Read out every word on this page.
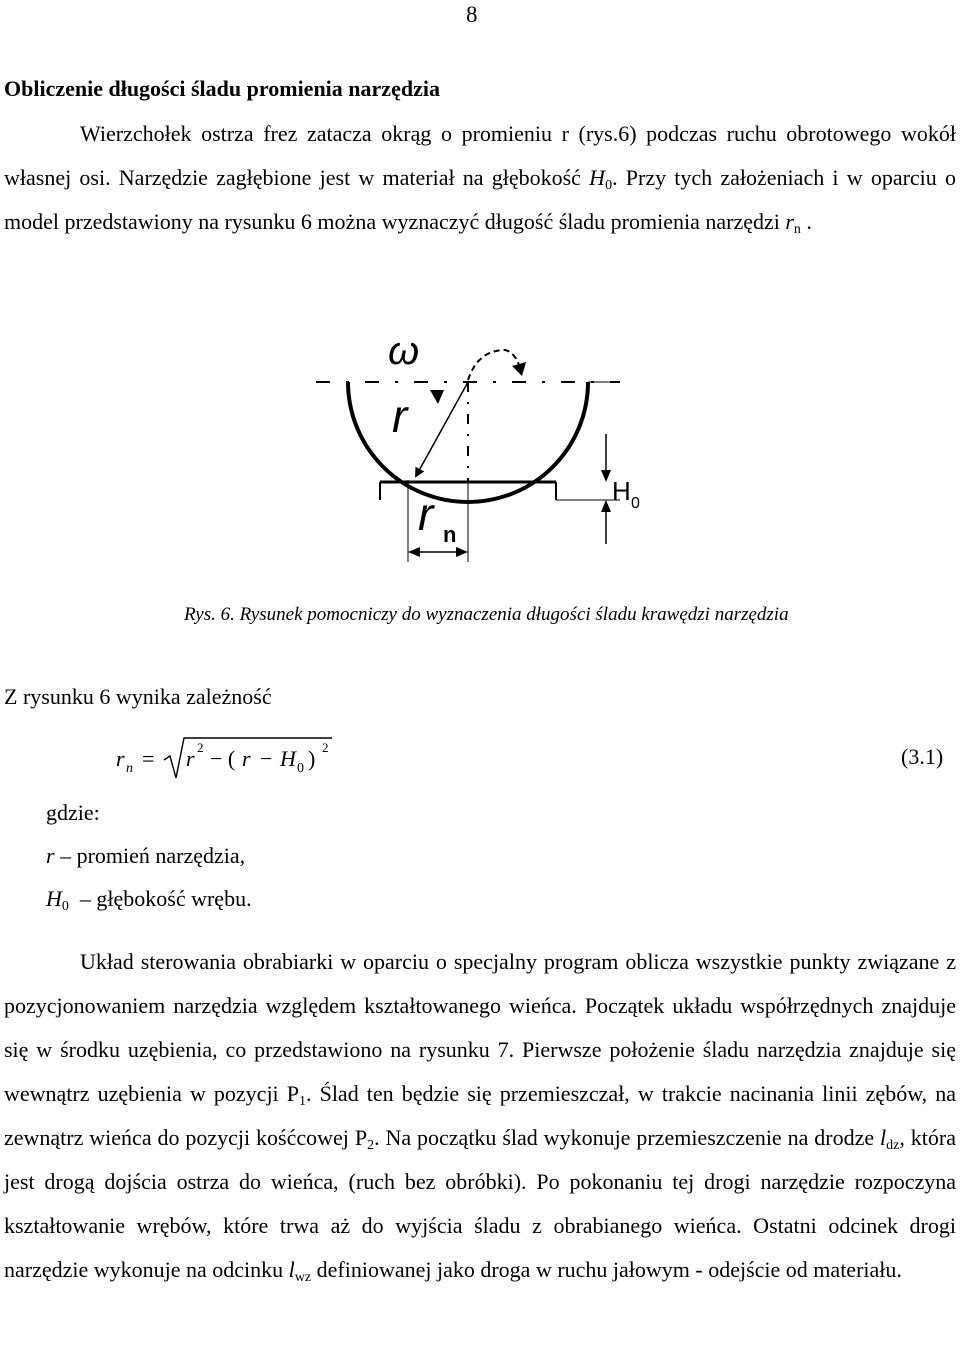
8
Obliczenie długości śladu promienia narzędzia

Wierzchołek ostrza frez zatacza okrąg o promieniu r (rys.6) podczas ruchu obrotowego wokół własnej osi. Narzędzie zagłębione jest w materiał na głębokość $H_0$. Przy tych założeniach i w oparciu o model przedstawiony na rysunku 6 można wyznaczyć długość śladu promienia narzędzi $r_n$ .

ω
r
r n
H 0
Rys. 6. Rysunek pomocniczy do wyznaczenia długości śladu krawędzi narzędzia
Z rysunku 6 wynika zależność
r n = r 2 − ( r − H 0 ) 2	(3.1)
gdzie:
r – promień narzędzia,
$H_0$ – głębokość wrębu.

Układ sterowania obrabiarki w oparciu o specjalny program oblicza wszystkie punkty związane z pozycjonowaniem narzędzia względem kształtowanego wieńca. Początek układu współrzędnych znajduje się w środku uzębienia, co przedstawiono na rysunku 7. Pierwsze położenie śladu narzędzia znajduje się wewnątrz uzębienia w pozycji $P_1$. Ślad ten będzie się przemieszczał, w trakcie nacinania linii zębów, na zewnątrz wieńca do pozycji kośćcowej $P_2$. Na początku ślad wykonuje przemieszczenie na drodze $l_{dz}$, która jest drogą dojścia ostrza do wieńca, (ruch bez obróbki). Po pokonaniu tej drogi narzędzie rozpoczyna kształtowanie wrębów, które trwa aż do wyjścia śladu z obrabianego wieńca. Ostatni odcinek drogi narzędzie wykonuje na odcinku $l_{wz}$ definiowanej jako droga w ruchu jałowym - odejście od materiału.
